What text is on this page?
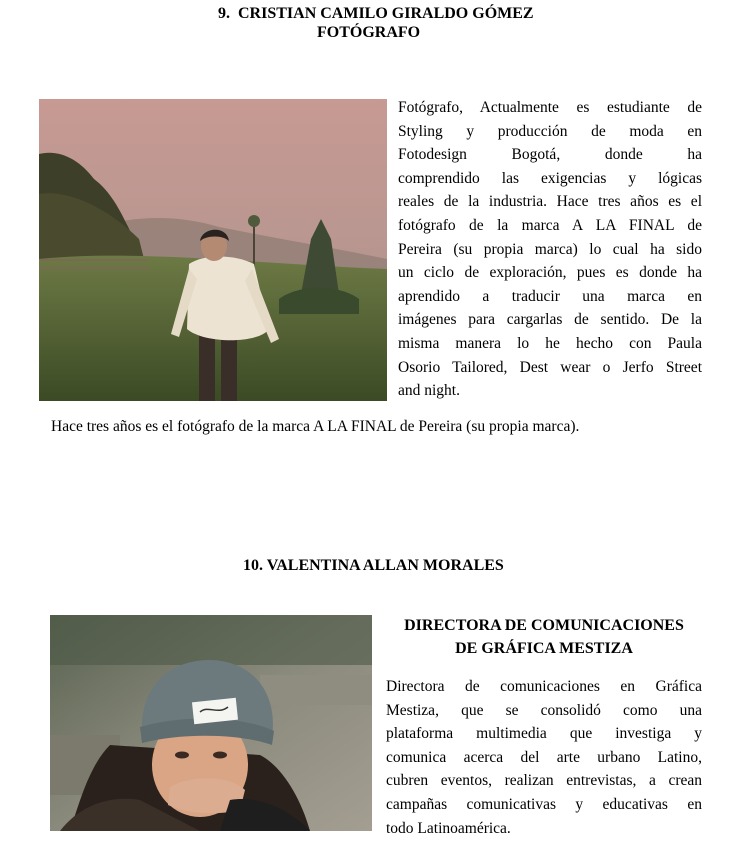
9. CRISTIAN CAMILO GIRALDO GÓMEZ
FOTÓGRAFO
Fotógrafo, Actualmente es estudiante de
Styling y producción de moda en
Fotodesign Bogotá, donde ha
comprendido las exigencias y lógicas
reales de la industria. Hace tres años es el
fotógrafo de la marca A LA FINAL de
Pereira (su propia marca) lo cual ha sido
un ciclo de exploración, pues es donde ha
aprendido a traducir una marca en
imágenes para cargarlas de sentido. De la
misma manera lo he hecho con Paula
Osorio Tailored, Dest wear o Jerfo Street
and night.
Hace tres años es el fotógrafo de la marca A LA FINAL de Pereira (su propia marca).
10. VALENTINA ALLAN MORALES
DIRECTORA DE COMUNICACIONES
DE GRÁFICA MESTIZA
Directora de comunicaciones en Gráfica
Mestiza, que se consolidó como una
plataforma multimedia que investiga y
comunica acerca del arte urbano Latino,
cubren eventos, realizan entrevistas, a crean
campañas comunicativas y educativas en
todo Latinoamérica.
